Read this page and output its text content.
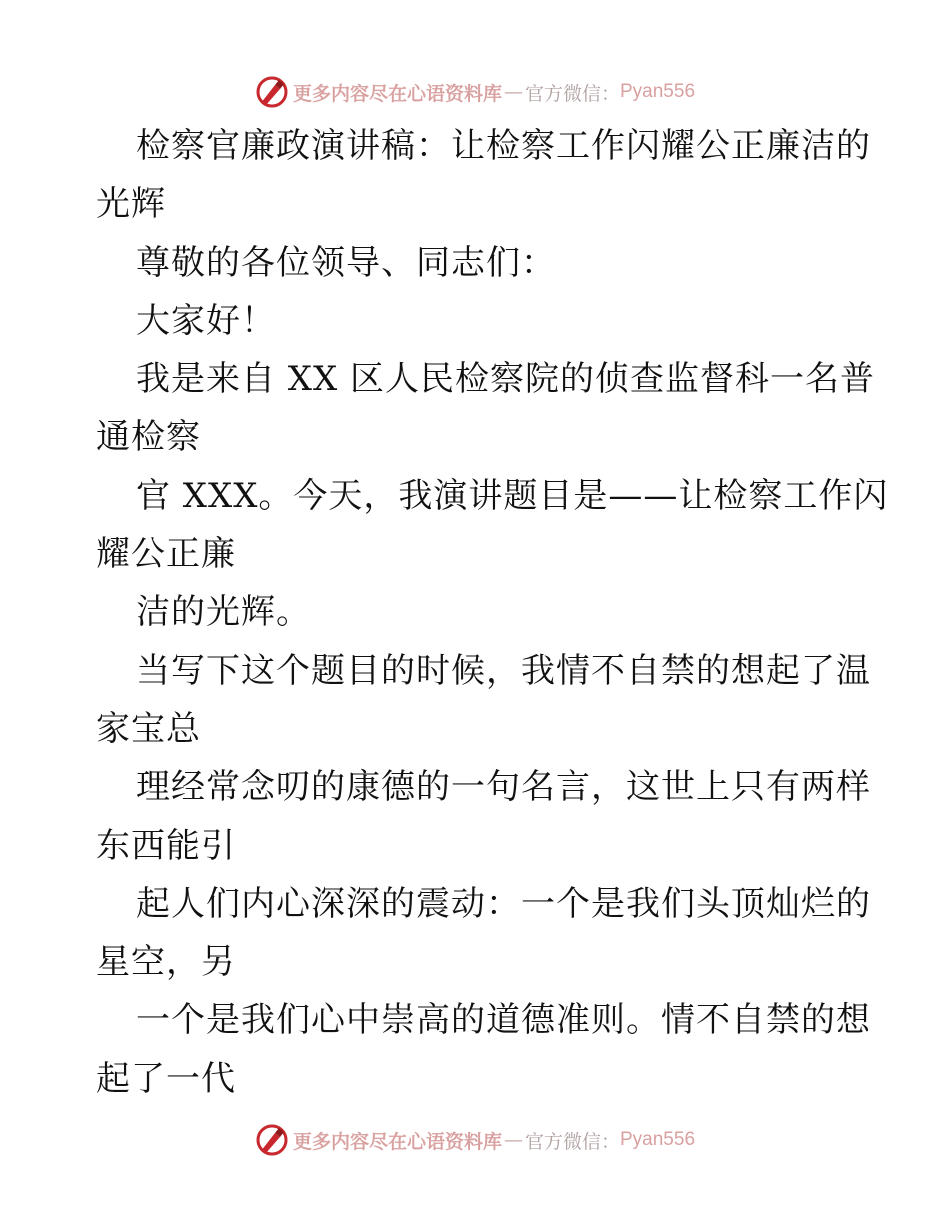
更多内容尽在心语资料库 — 官方微信： Pyan556
检察官廉政演讲稿：让检察工作闪耀公正廉洁的
光辉
尊敬的各位领导、同志们：
大家好！
我是来自 XX 区人民检察院的侦查监督科一名普
通检察
官 XXX。今天，我演讲题目是——让检察工作闪
耀公正廉
洁的光辉。
当写下这个题目的时候，我情不自禁的想起了温
家宝总
理经常念叨的康德的一句名言，这世上只有两样
东西能引
起人们内心深深的震动：一个是我们头顶灿烂的
星空，另
一个是我们心中崇高的道德准则。情不自禁的想
起了一代
更多内容尽在心语资料库 — 官方微信： Pyan556
